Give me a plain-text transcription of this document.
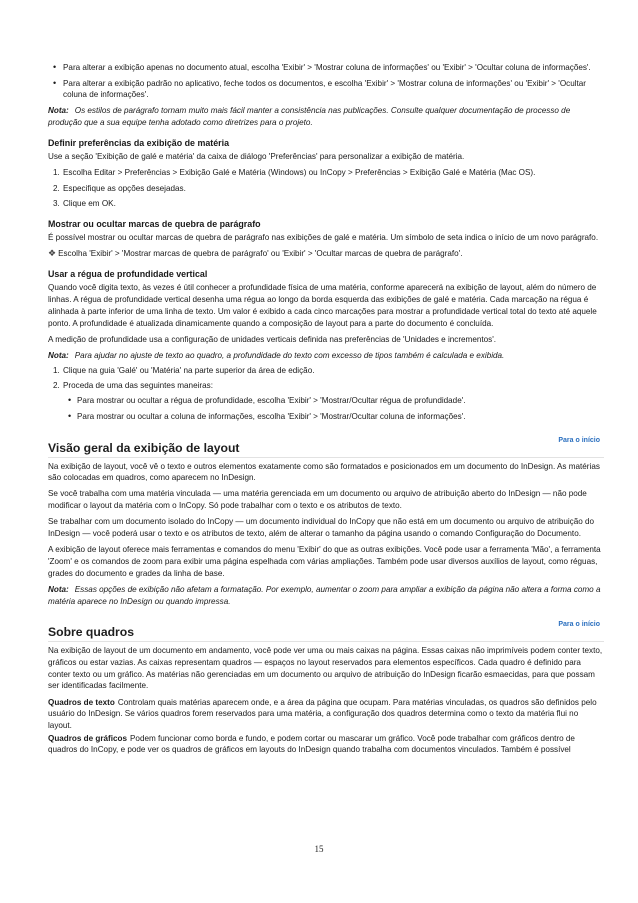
• Para alterar a exibição apenas no documento atual, escolha 'Exibir' > 'Mostrar coluna de informações' ou 'Exibir' > 'Ocultar coluna de informações'.
• Para alterar a exibição padrão no aplicativo, feche todos os documentos, e escolha 'Exibir' > 'Mostrar coluna de informações' ou 'Exibir' > 'Ocultar coluna de informações'.

Nota: Os estilos de parágrafo tornam muito mais fácil manter a consistência nas publicações. Consulte qualquer documentação de processo de produção que a sua equipe tenha adotado como diretrizes para o projeto.

Definir preferências da exibição de matéria

Use a seção 'Exibição de galé e matéria' da caixa de diálogo 'Preferências' para personalizar a exibição de matéria.

1. Escolha Editar > Preferências > Exibição Galé e Matéria (Windows) ou InCopy > Preferências > Exibição Galé e Matéria (Mac OS).
2. Especifique as opções desejadas.
3. Clique em OK.
Mostrar ou ocultar marcas de quebra de parágrafo

É possível mostrar ou ocultar marcas de quebra de parágrafo nas exibições de galé e matéria. Um símbolo de seta indica o início de um novo parágrafo.

❖ Escolha 'Exibir' > 'Mostrar marcas de quebra de parágrafo' ou 'Exibir' > 'Ocultar marcas de quebra de parágrafo'.

Usar a régua de profundidade vertical

Quando você digita texto, às vezes é útil conhecer a profundidade física de uma matéria, conforme aparecerá na exibição de layout, além do número de linhas. A régua de profundidade vertical desenha uma régua ao longo da borda esquerda das exibições de galé e matéria. Cada marcação na régua é alinhada à parte inferior de uma linha de texto. Um valor é exibido a cada cinco marcações para mostrar a profundidade vertical total do texto até aquele ponto. A profundidade é atualizada dinamicamente quando a composição de layout para a parte do documento é concluída.

A medição de profundidade usa a configuração de unidades verticais definida nas preferências de 'Unidades e incrementos'.

Nota: Para ajudar no ajuste de texto ao quadro, a profundidade do texto com excesso de tipos também é calculada e exibida.

1. Clique na guia 'Galé' ou 'Matéria' na parte superior da área de edição.
2. Proceda de uma das seguintes maneiras:
• Para mostrar ou ocultar a régua de profundidade, escolha 'Exibir' > 'Mostrar/Ocultar régua de profundidade'.
• Para mostrar ou ocultar a coluna de informações, escolha 'Exibir' > 'Mostrar/Ocultar coluna de informações'.
Visão geral da exibição de layout
Para o início

Na exibição de layout, você vê o texto e outros elementos exatamente como são formatados e posicionados em um documento do InDesign. As matérias são colocadas em quadros, como aparecem no InDesign.

Se você trabalha com uma matéria vinculada — uma matéria gerenciada em um documento ou arquivo de atribuição aberto do InDesign — não pode modificar o layout da matéria com o InCopy. Só pode trabalhar com o texto e os atributos de texto.

Se trabalhar com um documento isolado do InCopy — um documento individual do InCopy que não está em um documento ou arquivo de atribuição do InDesign — você poderá usar o texto e os atributos de texto, além de alterar o tamanho da página usando o comando Configuração do Documento.

A exibição de layout oferece mais ferramentas e comandos do menu 'Exibir' do que as outras exibições. Você pode usar a ferramenta 'Mão', a ferramenta 'Zoom' e os comandos de zoom para exibir uma página espelhada com várias ampliações. Também pode usar diversos auxílios de layout, como réguas, grades do documento e grades da linha de base.

Nota: Essas opções de exibição não afetam a formatação. Por exemplo, aumentar o zoom para ampliar a exibição da página não altera a forma como a matéria aparece no InDesign ou quando impressa.

Sobre quadros
Para o início

Na exibição de layout de um documento em andamento, você pode ver uma ou mais caixas na página. Essas caixas não imprimíveis podem conter texto, gráficos ou estar vazias. As caixas representam quadros — espaços no layout reservados para elementos específicos. Cada quadro é definido para conter texto ou um gráfico. As matérias não gerenciadas em um documento ou arquivo de atribuição do InDesign ficarão esmaecidas, para que possam ser identificadas facilmente.

Quadros de texto Controlam quais matérias aparecem onde, e a área da página que ocupam. Para matérias vinculadas, os quadros são definidos pelo usuário do InDesign. Se vários quadros forem reservados para uma matéria, a configuração dos quadros determina como o texto da matéria flui no layout.

Quadros de gráficos Podem funcionar como borda e fundo, e podem cortar ou mascarar um gráfico. Você pode trabalhar com gráficos dentro de quadros do InCopy, e pode ver os quadros de gráficos em layouts do InDesign quando trabalha com documentos vinculados. Também é possível

15
